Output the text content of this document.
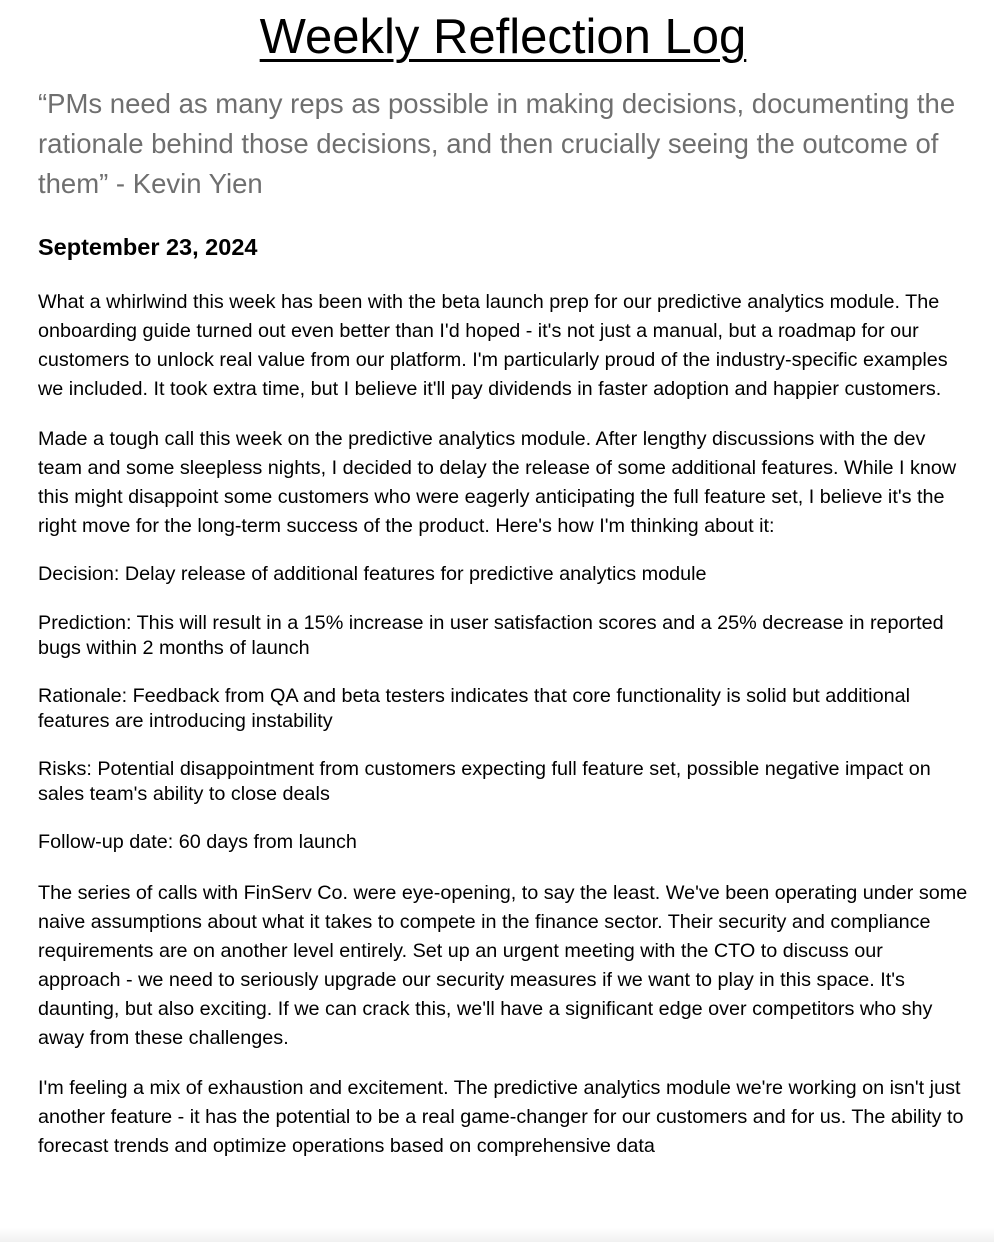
Weekly Reflection Log
“PMs need as many reps as possible in making decisions, documenting the rationale behind those decisions, and then crucially seeing the outcome of them” - Kevin Yien
September 23, 2024

What a whirlwind this week has been with the beta launch prep for our predictive analytics module. The onboarding guide turned out even better than I'd hoped - it's not just a manual, but a roadmap for our customers to unlock real value from our platform. I'm particularly proud of the industry-specific examples we included. It took extra time, but I believe it'll pay dividends in faster adoption and happier customers.

Made a tough call this week on the predictive analytics module. After lengthy discussions with the dev team and some sleepless nights, I decided to delay the release of some additional features. While I know this might disappoint some customers who were eagerly anticipating the full feature set, I believe it's the right move for the long-term success of the product. Here's how I'm thinking about it:

Decision: Delay release of additional features for predictive analytics module

Prediction: This will result in a 15% increase in user satisfaction scores and a 25% decrease in reported bugs within 2 months of launch

Rationale: Feedback from QA and beta testers indicates that core functionality is solid but additional features are introducing instability

Risks: Potential disappointment from customers expecting full feature set, possible negative impact on sales team's ability to close deals

Follow-up date: 60 days from launch

The series of calls with FinServ Co. were eye-opening, to say the least. We've been operating under some naive assumptions about what it takes to compete in the finance sector. Their security and compliance requirements are on another level entirely. Set up an urgent meeting with the CTO to discuss our approach - we need to seriously upgrade our security measures if we want to play in this space. It's daunting, but also exciting. If we can crack this, we'll have a significant edge over competitors who shy away from these challenges.

I'm feeling a mix of exhaustion and excitement. The predictive analytics module we're working on isn't just another feature - it has the potential to be a real game-changer for our customers and for us. The ability to forecast trends and optimize operations based on comprehensive data
